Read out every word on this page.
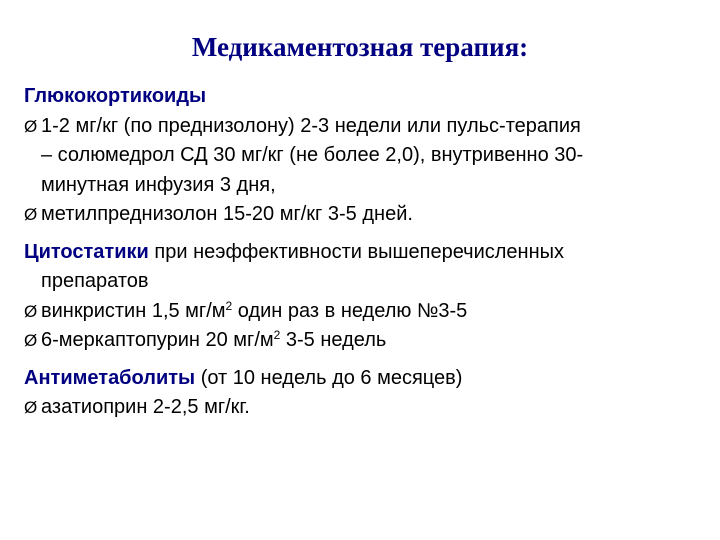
Медикаментозная терапия:
Глюкокортикоиды
Ø 1-2 мг/кг (по преднизолону) 2-3 недели или пульс-терапия
– солюмедрол СД 30 мг/кг (не более 2,0), внутривенно 30-
минутная инфузия 3 дня,
Ø метилпреднизолон 15-20 мг/кг 3-5 дней.
Цитостатики при неэффективности вышеперечисленных
препаратов
Ø винкристин 1,5 $мг/м^2$ один раз в неделю №3-5
Ø 6-меркаптопурин 20 $мг/м^2$ 3-5 недель
Антиметаболиты (от 10 недель до 6 месяцев)
Ø азатиоприн 2-2,5 мг/кг.
